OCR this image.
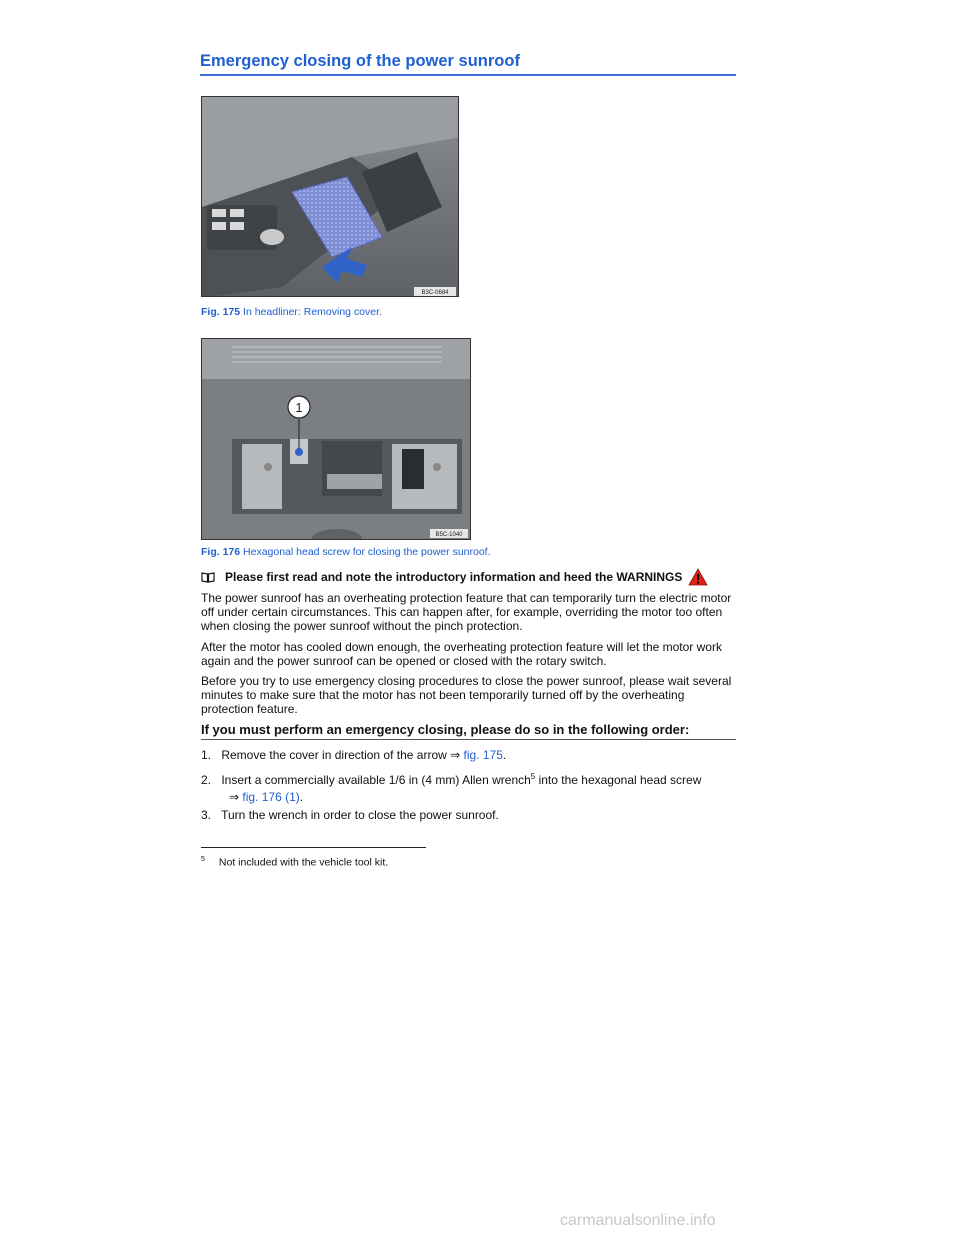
Emergency closing of the power sunroof
B3C-0684
Fig. 175 In headliner: Removing cover.
1
B5C-1040
Fig. 176 Hexagonal head screw for closing the power sunroof.
Please first read and note the introductory information and heed the WARNINGS

The power sunroof has an overheating protection feature that can temporarily turn the electric motor off under certain circumstances. This can happen after, for example, overriding the motor too often when closing the power sunroof without the pinch protection.

After the motor has cooled down enough, the overheating protection feature will let the motor work again and the power sunroof can be opened or closed with the rotary switch.

Before you try to use emergency closing procedures to close the power sunroof, please wait several minutes to make sure that the motor has not been temporarily turned off by the overheating protection feature.

If you must perform an emergency closing, please do so in the following order:
1. Remove the cover in direction of the arrow ⇒ fig. 175.
2. Insert a commercially available 1/6 in (4 mm) Allen wrench$^5$ into the hexagonal head screw
⇒ fig. 176 (1).
3. Turn the wrench in order to close the power sunroof.
$^5$ Not included with the vehicle tool kit.
carmanualsonline.info
